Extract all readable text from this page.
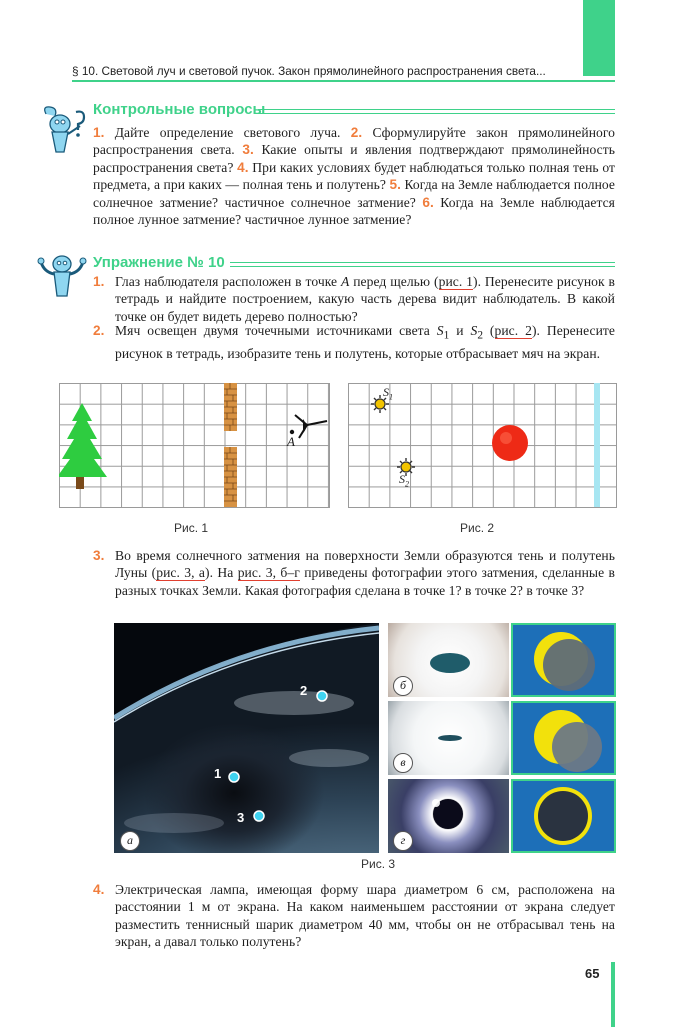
§ 10. Световой луч и световой пучок. Закон прямолинейного распространения света...
Контрольные вопросы
1. Дайте определение светового луча. 2. Сформулируйте закон прямолинейного распространения света. 3. Какие опыты и явления подтверждают прямолинейность распространения света? 4. При каких условиях будет наблюдаться только полная тень от предмета, а при каких — полная тень и полутень? 5. Когда на Земле наблюдается полное солнечное затмение? частичное солнечное затмение? 6. Когда на Земле наблюдается полное лунное затмение? частичное лунное затмение?
Упражнение № 10
1. Глаз наблюдателя расположен в точке A перед щелью (рис. 1). Перенесите рисунок в тетрадь и найдите построением, какую часть дерева видит наблюдатель. В какой точке он будет видеть дерево полностью?
2. Мяч освещен двумя точечными источниками света $S_1$ и $S_2$ (рис. 2). Перенесите рисунок в тетрадь, изобразите тень и полутень, которые отбрасывает мяч на экран.
A
Рис. 1
$S_1$
$S_2$
Рис. 2
3. Во время солнечного затмения на поверхности Земли образуются тень и полутень Луны (рис. 3, а). На рис. 3, б–г приведены фотографии этого затмения, сделанные в разных точках Земли. Какая фотография сделана в точке 1? в точке 2? в точке 3?
2
1
3
а
б
в
г
Рис. 3
4. Электрическая лампа, имеющая форму шара диаметром 6 см, расположена на расстоянии 1 м от экрана. На каком наименьшем расстоянии от экрана следует разместить теннисный шарик диаметром 40 мм, чтобы он не отбрасывал тень на экран, а давал только полутень?
65
